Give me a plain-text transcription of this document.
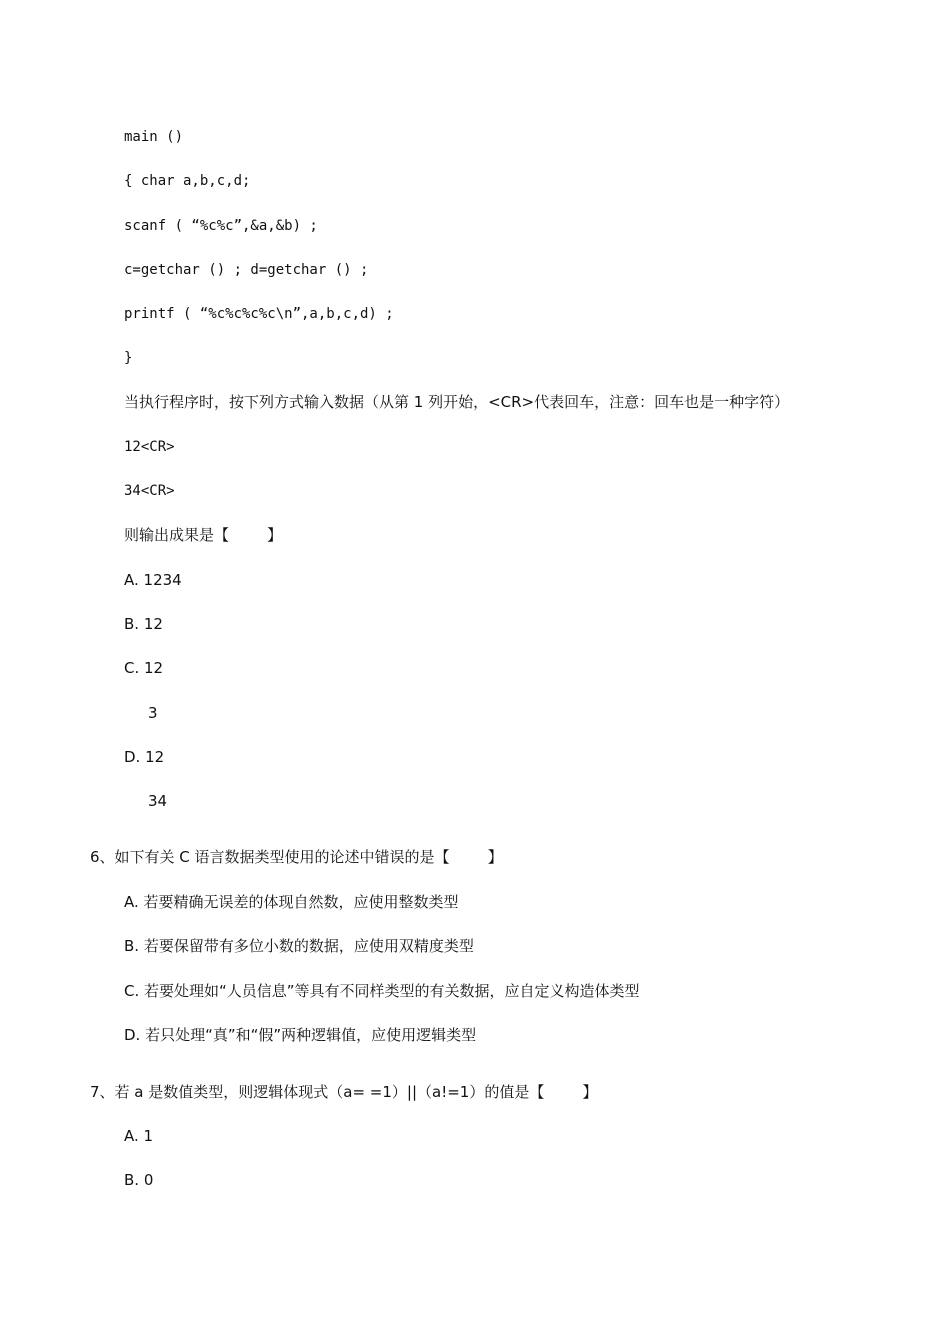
main ()
{ char a,b,c,d;
scanf ( “%c%c”,&a,&b) ;
c=getchar () ; d=getchar () ;
printf ( “%c%c%c%c\n”,a,b,c,d) ;
}
当执行程序时，按下列方式输入数据（从第 1 列开始，<CR>代表回车，注意：回车也是一种字符）
12<CR>
34<CR>
则输出成果是【        】
A. 1234
B. 12
C. 12
3
D. 12
34
6、如下有关 C 语言数据类型使用的论述中错误的是【        】
A. 若要精确无误差的体现自然数，应使用整数类型
B. 若要保留带有多位小数的数据，应使用双精度类型
C. 若要处理如“人员信息”等具有不同样类型的有关数据，应自定义构造体类型
D. 若只处理“真”和“假”两种逻辑值，应使用逻辑类型
7、若 a 是数值类型，则逻辑体现式（a= =1）||（a!=1）的值是【        】
A. 1
B. 0
